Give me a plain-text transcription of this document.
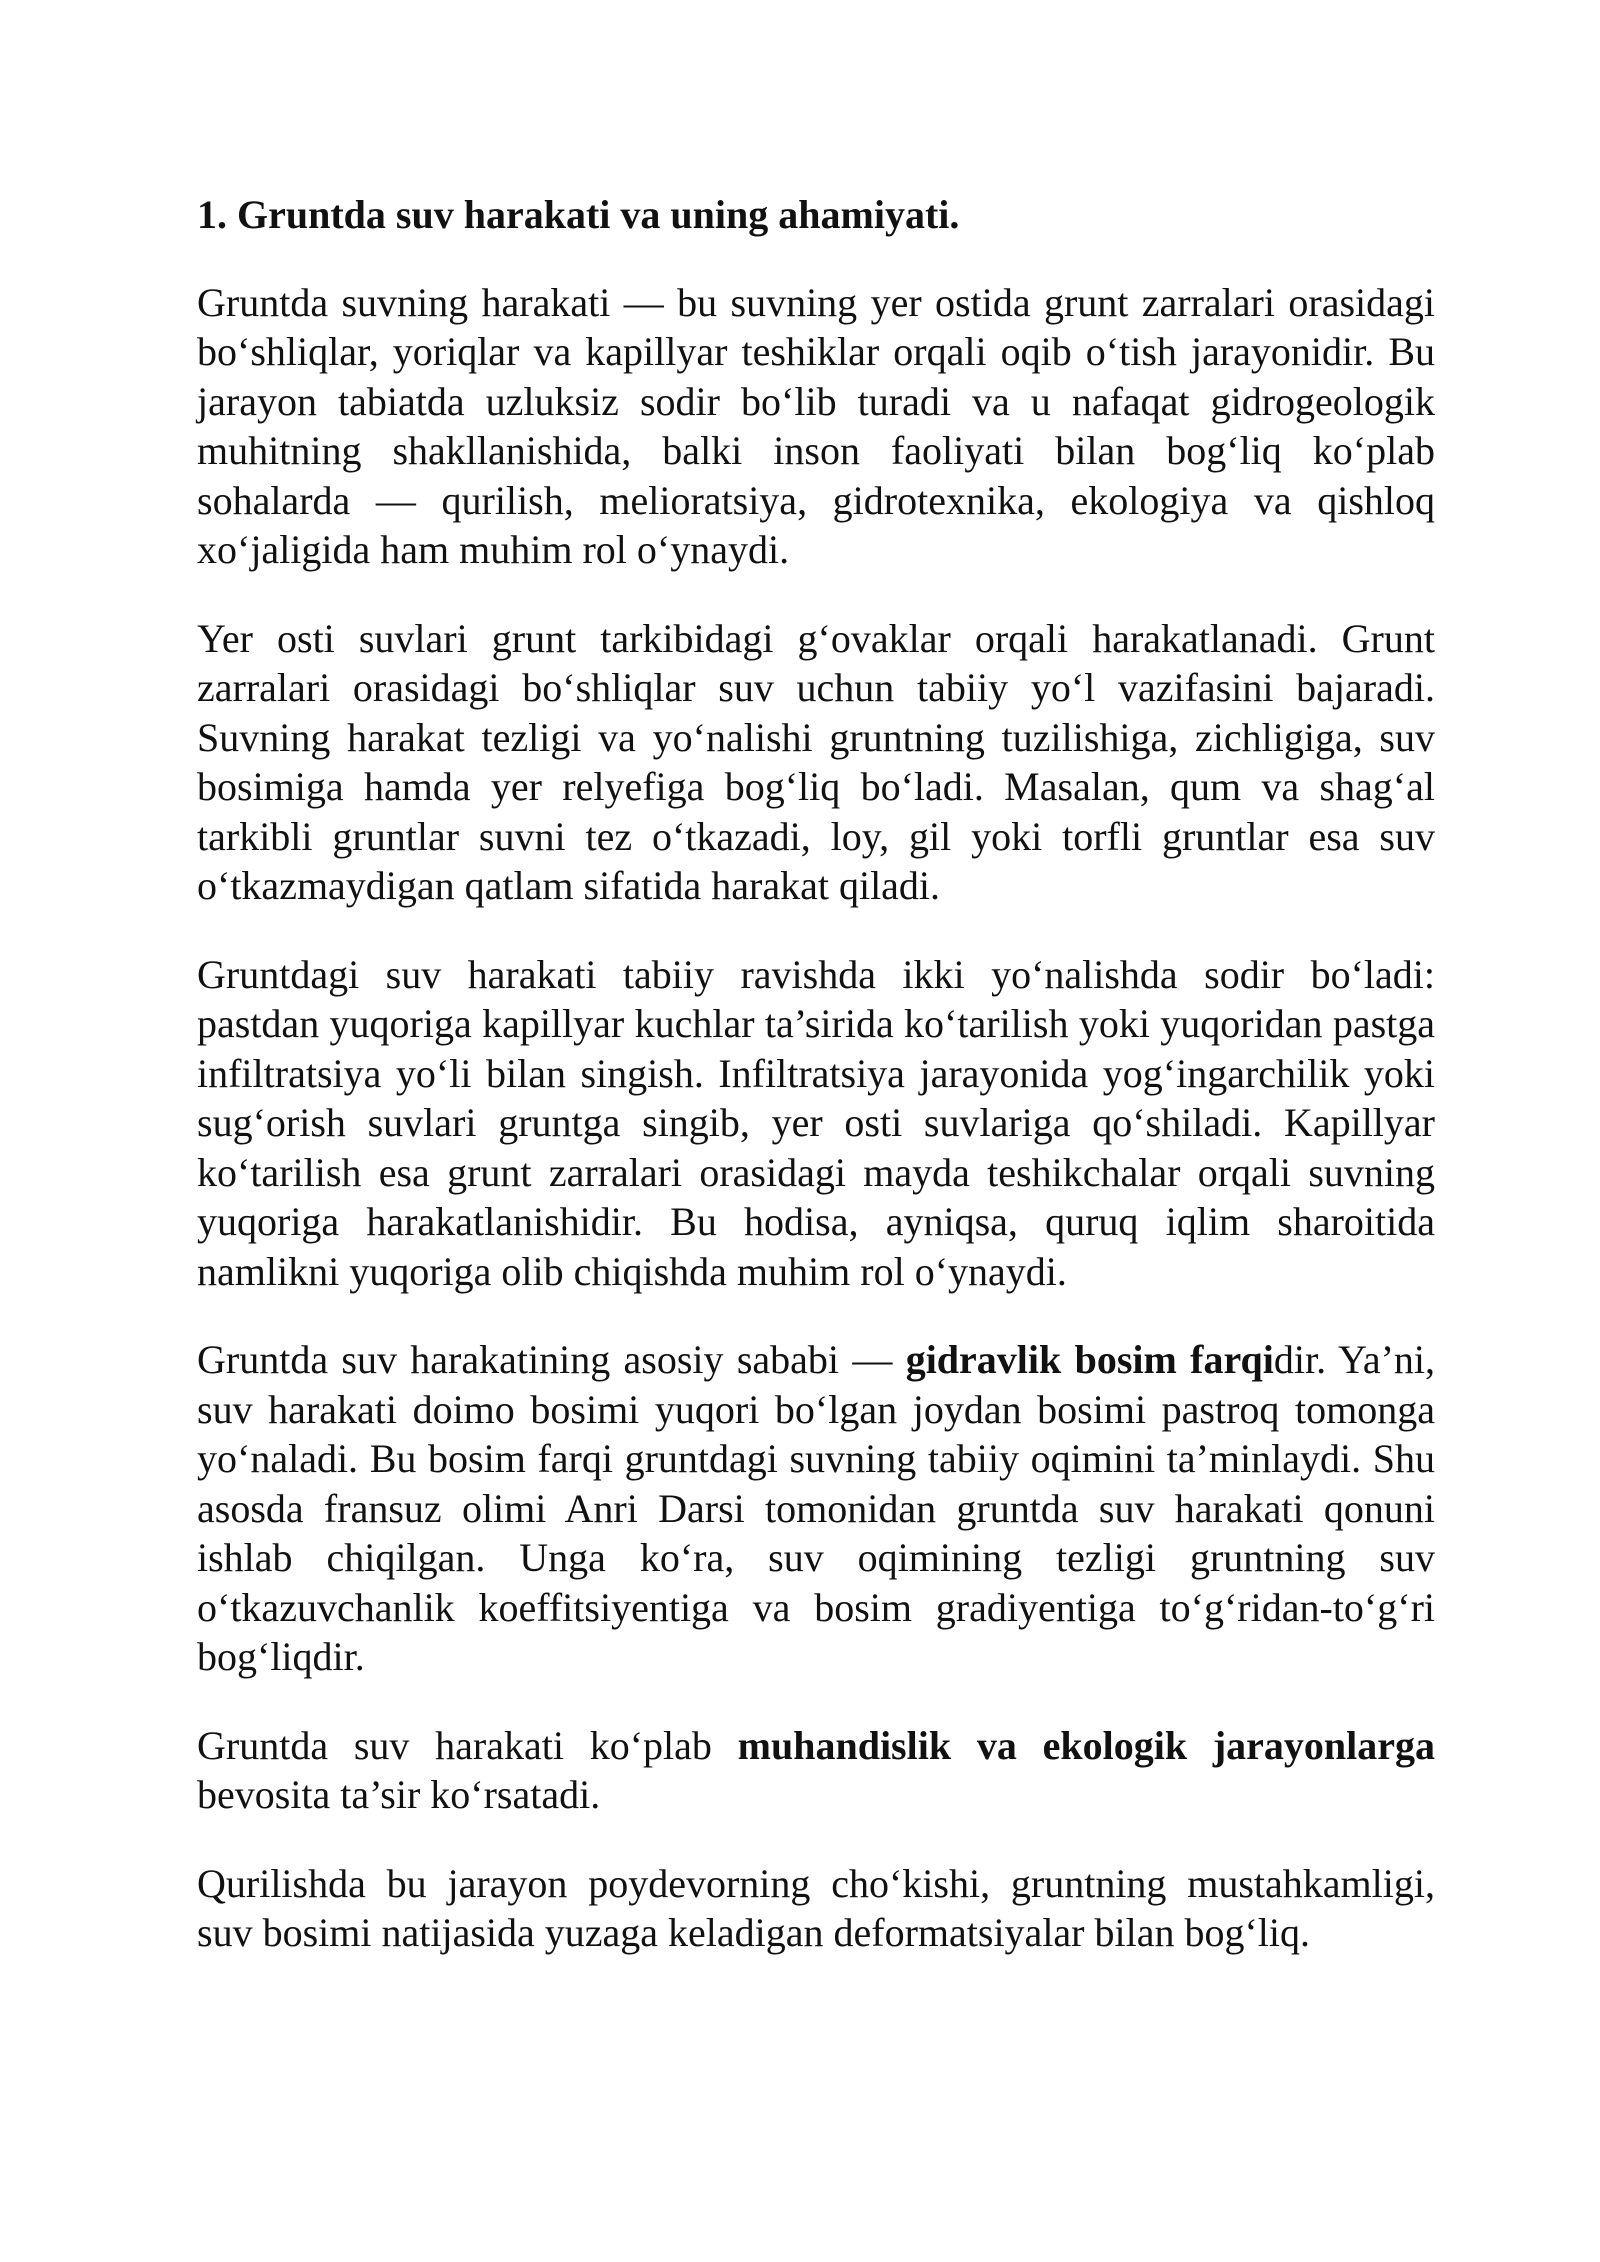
1. Gruntda suv harakati va uning ahamiyati.

Gruntda suvning harakati — bu suvning yer ostida grunt zarralari orasidagi bo‘shliqlar, yoriqlar va kapillyar teshiklar orqali oqib o‘tish jarayonidir. Bu jarayon tabiatda uzluksiz sodir bo‘lib turadi va u nafaqat gidrogeologik muhitning shakllanishida, balki inson faoliyati bilan bog‘liq ko‘plab sohalarda — qurilish, melioratsiya, gidrotexnika, ekologiya va qishloq xo‘jaligida ham muhim rol o‘ynaydi.

Yer osti suvlari grunt tarkibidagi g‘ovaklar orqali harakatlanadi. Grunt zarralari orasidagi bo‘shliqlar suv uchun tabiiy yo‘l vazifasini bajaradi. Suvning harakat tezligi va yo‘nalishi gruntning tuzilishiga, zichligiga, suv bosimiga hamda yer relyefiga bog‘liq bo‘ladi. Masalan, qum va shag‘al tarkibli gruntlar suvni tez o‘tkazadi, loy, gil yoki torfli gruntlar esa suv o‘tkazmaydigan qatlam sifatida harakat qiladi.

Gruntdagi suv harakati tabiiy ravishda ikki yo‘nalishda sodir bo‘ladi: pastdan yuqoriga kapillyar kuchlar ta’sirida ko‘tarilish yoki yuqoridan pastga infiltratsiya yo‘li bilan singish. Infiltratsiya jarayonida yog‘ingarchilik yoki sug‘orish suvlari gruntga singib, yer osti suvlariga qo‘shiladi. Kapillyar ko‘tarilish esa grunt zarralari orasidagi mayda teshikchalar orqali suvning yuqoriga harakatlanishidir. Bu hodisa, ayniqsa, quruq iqlim sharoitida namlikni yuqoriga olib chiqishda muhim rol o‘ynaydi.

Gruntda suv harakatining asosiy sababi — gidravlik bosim farqidir. Ya’ni, suv harakati doimo bosimi yuqori bo‘lgan joydan bosimi pastroq tomonga yo‘naladi. Bu bosim farqi gruntdagi suvning tabiiy oqimini ta’minlaydi. Shu asosda fransuz olimi Anri Darsi tomonidan gruntda suv harakati qonuni ishlab chiqilgan. Unga ko‘ra, suv oqimining tezligi gruntning suv o‘tkazuvchanlik koeffitsiyentiga va bosim gradiyentiga to‘g‘ridan-to‘g‘ri bog‘liqdir.

Gruntda suv harakati ko‘plab muhandislik va ekologik jarayonlarga bevosita ta’sir ko‘rsatadi.

Qurilishda bu jarayon poydevorning cho‘kishi, gruntning mustahkamligi, suv bosimi natijasida yuzaga keladigan deformatsiyalar bilan bog‘liq.
